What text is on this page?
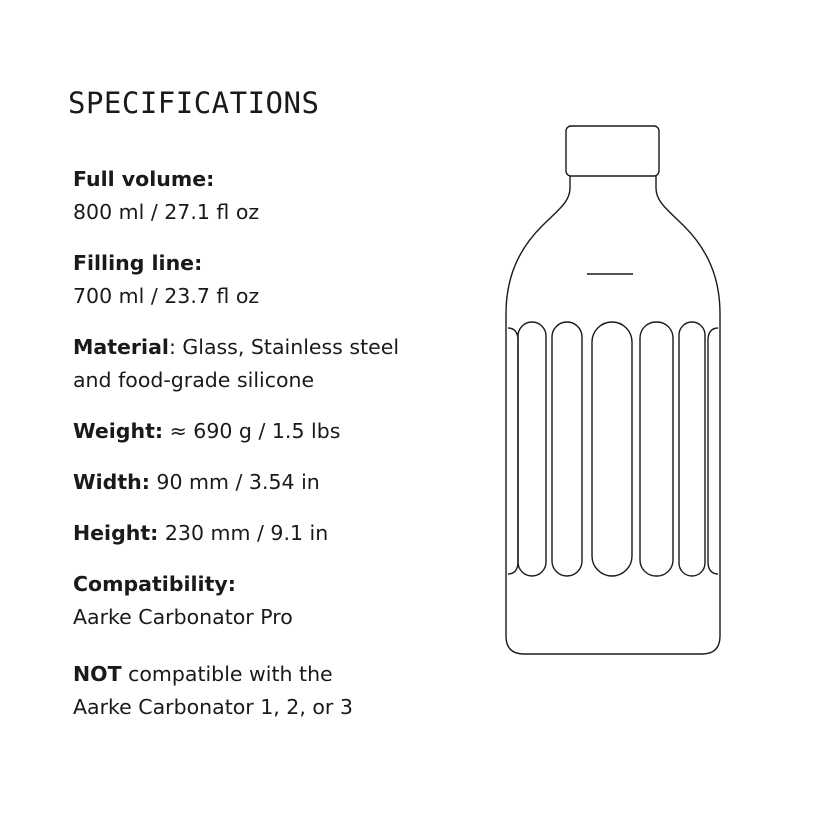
SPECIFICATIONS
Full volume:
800 ml / 27.1 fl oz
Filling line:
700 ml / 23.7 fl oz
Material: Glass, Stainless steel
and food-grade silicone
Weight: ≈ 690 g / 1.5 lbs
Width: 90 mm / 3.54 in
Height: 230 mm / 9.1 in
Compatibility:
Aarke Carbonator Pro
NOT compatible with the
Aarke Carbonator 1, 2, or 3
